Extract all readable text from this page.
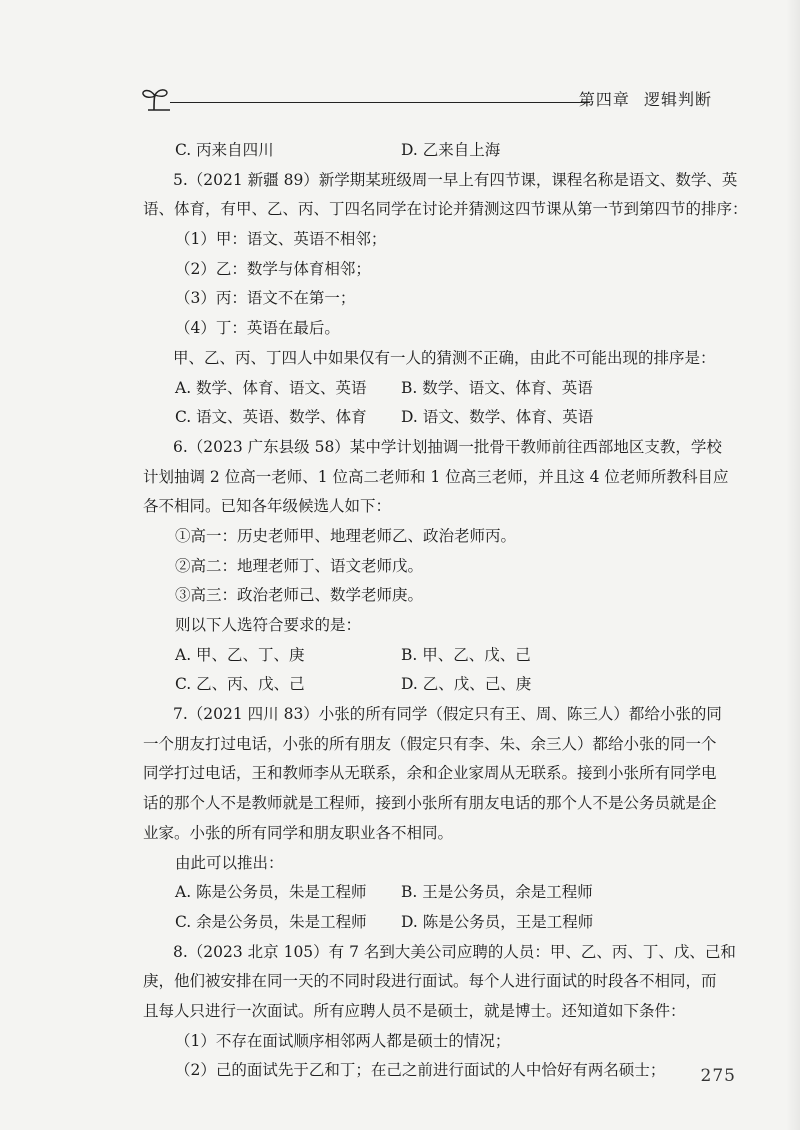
第四章 逻辑判断
C. 丙来自四川	D. 乙来自上海
5.（2021 新疆 89）新学期某班级周一早上有四节课，课程名称是语文、数学、英
语、体育，有甲、乙、丙、丁四名同学在讨论并猜测这四节课从第一节到第四节的排序：
（1）甲：语文、英语不相邻；
（2）乙：数学与体育相邻；
（3）丙：语文不在第一；
（4）丁：英语在最后。
甲、乙、丙、丁四人中如果仅有一人的猜测不正确，由此不可能出现的排序是：
A. 数学、体育、语文、英语	B. 数学、语文、体育、英语
C. 语文、英语、数学、体育	D. 语文、数学、体育、英语
6.（2023 广东县级 58）某中学计划抽调一批骨干教师前往西部地区支教，学校
计划抽调 2 位高一老师、1 位高二老师和 1 位高三老师，并且这 4 位老师所教科目应
各不相同。已知各年级候选人如下：
①高一：历史老师甲、地理老师乙、政治老师丙。
②高二：地理老师丁、语文老师戊。
③高三：政治老师己、数学老师庚。
则以下人选符合要求的是：
A. 甲、乙、丁、庚	B. 甲、乙、戊、己
C. 乙、丙、戊、己	D. 乙、戊、己、庚
7.（2021 四川 83）小张的所有同学（假定只有王、周、陈三人）都给小张的同
一个朋友打过电话，小张的所有朋友（假定只有李、朱、余三人）都给小张的同一个
同学打过电话，王和教师李从无联系，余和企业家周从无联系。接到小张所有同学电
话的那个人不是教师就是工程师，接到小张所有朋友电话的那个人不是公务员就是企
业家。小张的所有同学和朋友职业各不相同。
由此可以推出：
A. 陈是公务员，朱是工程师	B. 王是公务员，余是工程师
C. 余是公务员，朱是工程师	D. 陈是公务员，王是工程师
8.（2023 北京 105）有 7 名到大美公司应聘的人员：甲、乙、丙、丁、戊、己和
庚，他们被安排在同一天的不同时段进行面试。每个人进行面试的时段各不相同，而
且每人只进行一次面试。所有应聘人员不是硕士，就是博士。还知道如下条件：
（1）不存在面试顺序相邻两人都是硕士的情况；
（2）己的面试先于乙和丁；在己之前进行面试的人中恰好有两名硕士；	275
